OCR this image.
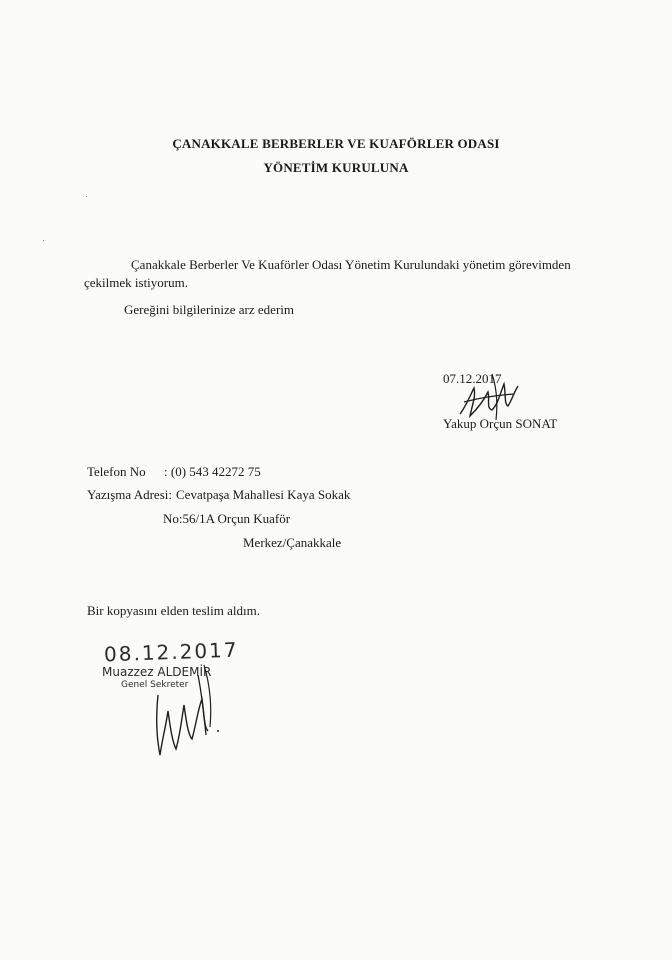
ÇANAKKALE BERBERLER VE KUAFÖRLER ODASI
YÖNETİM KURULUNA
Çanakkale Berberler Ve Kuaförler Odası Yönetim Kurulundaki yönetim görevimden
çekilmek istiyorum.
Gereğini bilgilerinize arz ederim
07.12.2017
Yakup Orçun SONAT
Telefon No : (0) 543 42272 75
Yazışma Adresi: Cevatpaşa Mahallesi Kaya Sokak
No:56/1A Orçun Kuaför
Merkez/Çanakkale
Bir kopyasını elden teslim aldım.
08.12.2017
Muazzez ALDEMİR
Genel Sekreter
